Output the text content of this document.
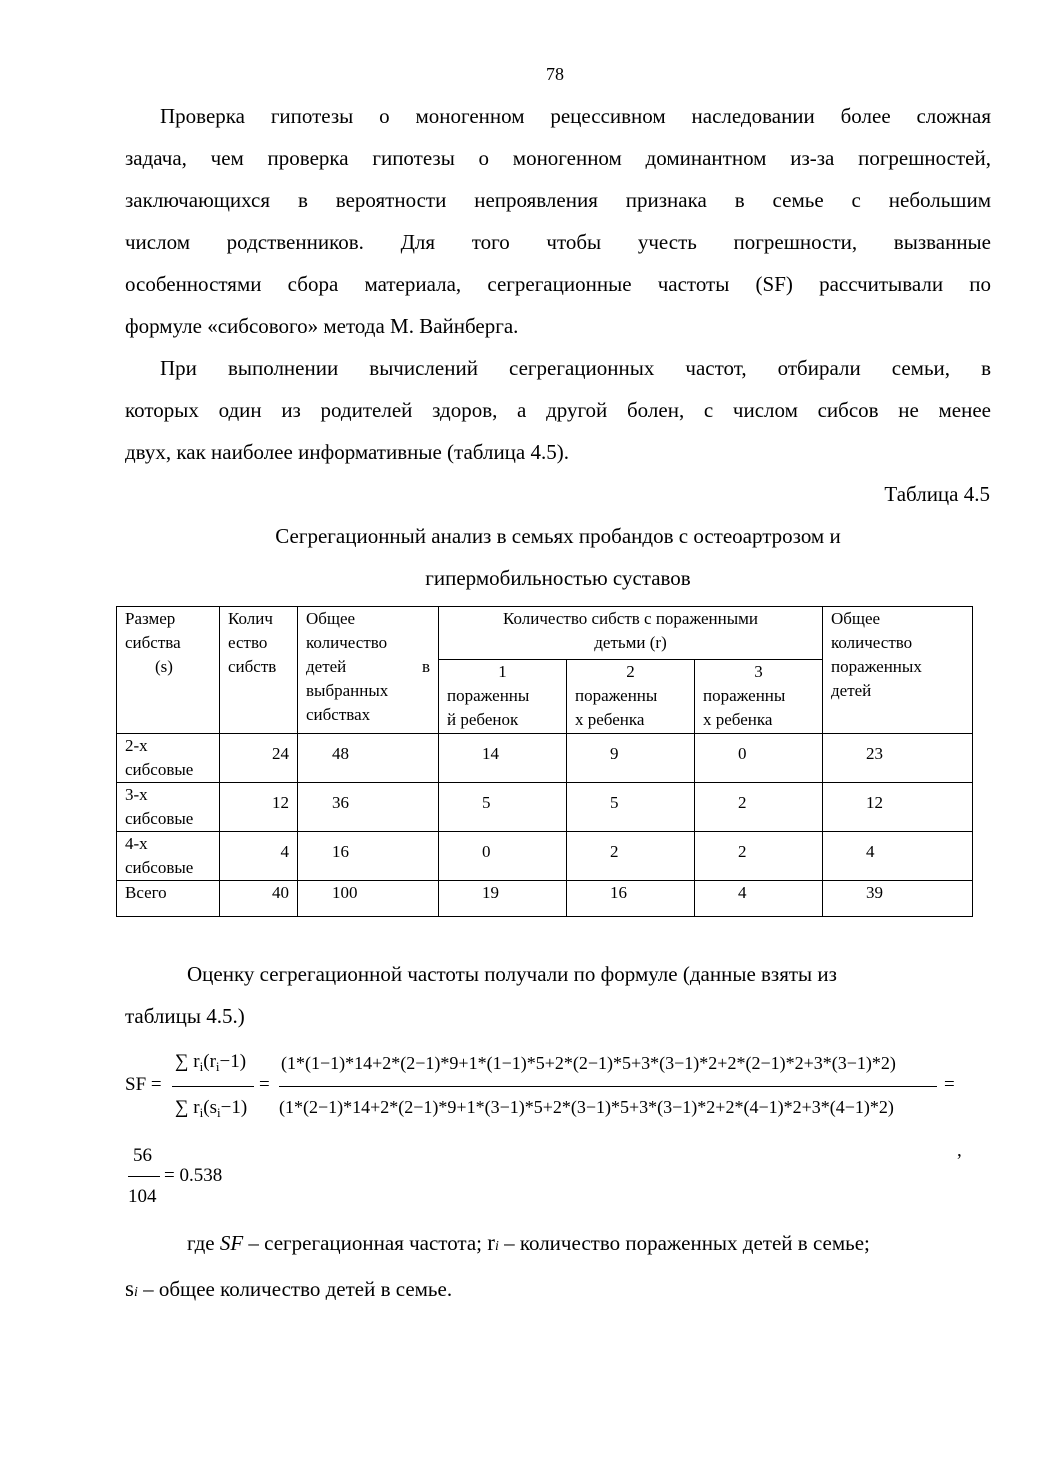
78
Проверка гипотезы о моногенном рецессивном наследовании более сложная
задача, чем проверка гипотезы о моногенном доминантном из-за погрешностей,
заключающихся в вероятности непроявления признака в семье с небольшим
числом родственников. Для того чтобы учесть погрешности, вызванные
особенностями сбора материала, сегрегационные частоты (SF) рассчитывали по
формуле «сибсового» метода М. Вайнберга.
При выполнении вычислений сегрегационных частот, отбирали семьи, в
которых один из родителей здоров, а другой болен, с числом сибсов не менее
двух, как наиболее информативные (таблица 4.5).
Таблица 4.5
Сегрегационный анализ в семьях пробандов с остеоартрозом и
гипермобильностью суставов
Размер
сибства
(s)	Колич
ество
сибств	Общее
количество

детей в
выбранных
сибствах	Количество сибств с пораженными
детьми (r)			Общее
количество
пораженных
детей

			1
пораженны
й ребенок	2
пораженны
х ребенка	3
пораженны
х ребенка	
2-х
сибсовые	24	48	14	9	0	23
3-х
сибсовые	12	36	5	5	2	12
4-х
сибсовые	4	16	0	2	2	4
Всего	40	100	19	16	4	39
Оценку сегрегационной частоты получали по формуле (данные взяты из
таблицы 4.5.)
SF =
∑ $r_i(r_i-1)$
∑ $r_i(s_i-1)$
=
(1*(1−1)*14+2*(2−1)*9+1*(1−1)*5+2*(2−1)*5+3*(3−1)*2+2*(2−1)*2+3*(3−1)*2)
(1*(2−1)*14+2*(2−1)*9+1*(3−1)*5+2*(3−1)*5+3*(3−1)*2+2*(4−1)*2+3*(4−1)*2)
=
56
104
= 0.538
,
где SF – сегрегационная частота; ri – количество пораженных детей в семье;
si – общее количество детей в семье.
